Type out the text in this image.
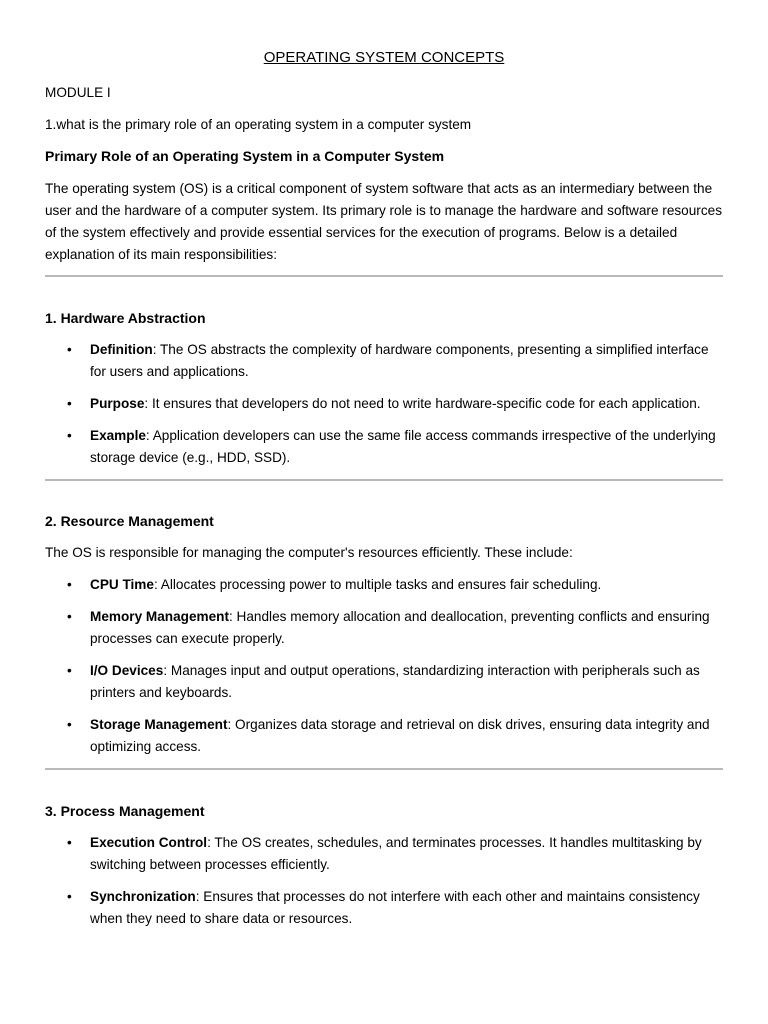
OPERATING SYSTEM CONCEPTS
MODULE I
1.what is the primary role of an operating system in a computer system
Primary Role of an Operating System in a Computer System
The operating system (OS) is a critical component of system software that acts as an intermediary between the user and the hardware of a computer system. Its primary role is to manage the hardware and software resources of the system effectively and provide essential services for the execution of programs. Below is a detailed explanation of its main responsibilities:
1. Hardware Abstraction
• Definition: The OS abstracts the complexity of hardware components, presenting a simplified interface for users and applications.
• Purpose: It ensures that developers do not need to write hardware-specific code for each application.
• Example: Application developers can use the same file access commands irrespective of the underlying storage device (e.g., HDD, SSD).
2. Resource Management
The OS is responsible for managing the computer's resources efficiently. These include:
• CPU Time: Allocates processing power to multiple tasks and ensures fair scheduling.
• Memory Management: Handles memory allocation and deallocation, preventing conflicts and ensuring processes can execute properly.
• I/O Devices: Manages input and output operations, standardizing interaction with peripherals such as printers and keyboards.
• Storage Management: Organizes data storage and retrieval on disk drives, ensuring data integrity and optimizing access.
3. Process Management
• Execution Control: The OS creates, schedules, and terminates processes. It handles multitasking by switching between processes efficiently.
• Synchronization: Ensures that processes do not interfere with each other and maintains consistency when they need to share data or resources.
